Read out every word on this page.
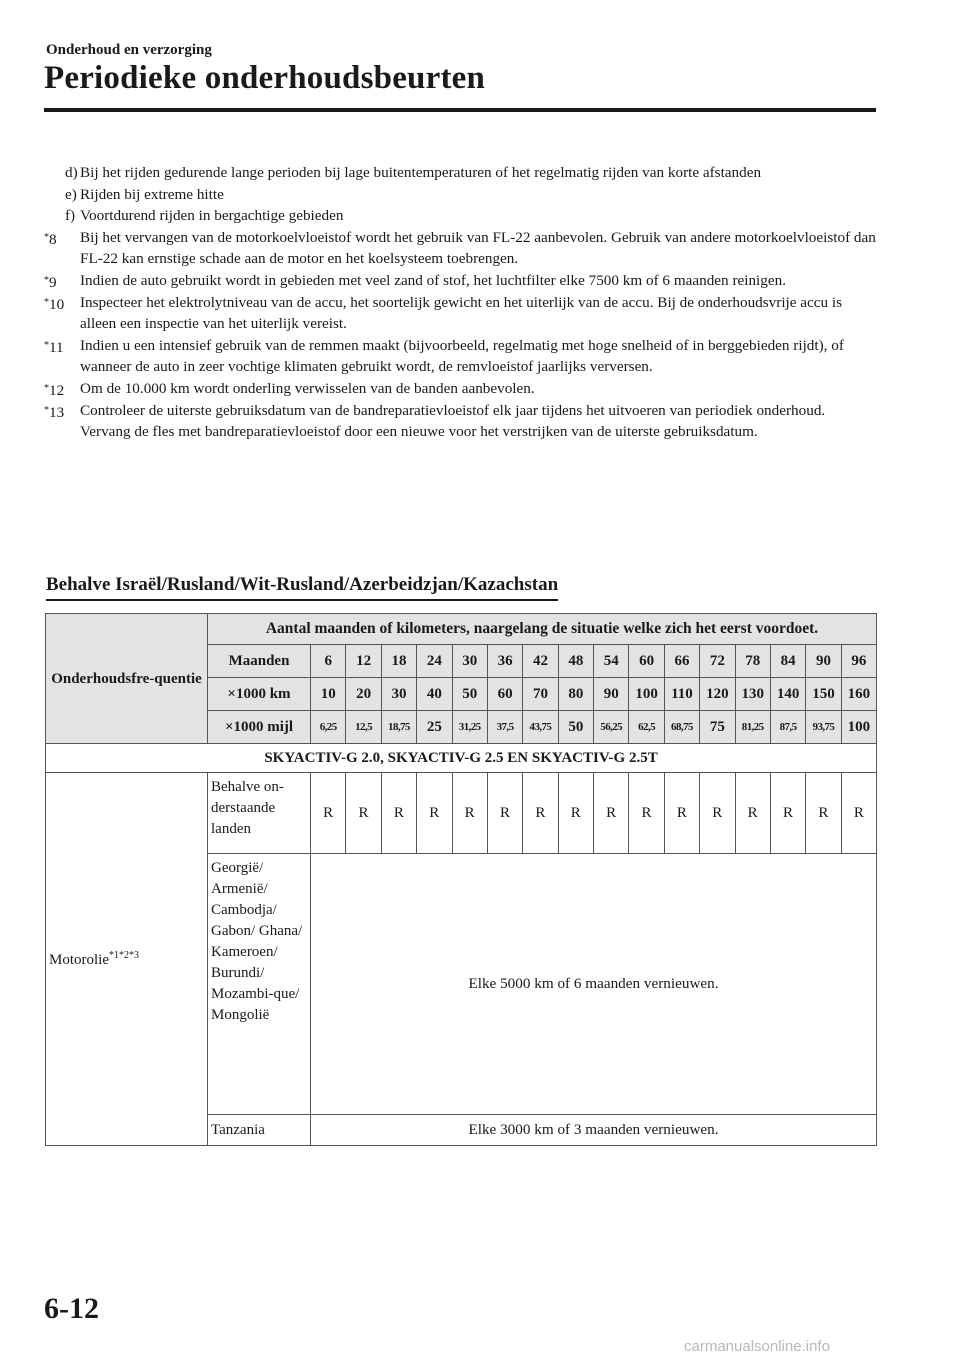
Onderhoud en verzorging
Periodieke onderhoudsbeurten
d) Bij het rijden gedurende lange perioden bij lage buitentemperaturen of het regelmatig rijden van korte afstanden
e) Rijden bij extreme hitte
f) Voortdurend rijden in bergachtige gebieden
*8 Bij het vervangen van de motorkoelvloeistof wordt het gebruik van FL-22 aanbevolen. Gebruik van andere motorkoelvloeistof dan FL-22 kan ernstige schade aan de motor en het koelsysteem toebrengen.
*9 Indien de auto gebruikt wordt in gebieden met veel zand of stof, het luchtfilter elke 7500 km of 6 maanden reinigen.
*10 Inspecteer het elektrolytniveau van de accu, het soortelijk gewicht en het uiterlijk van de accu. Bij de onderhoudsvrije accu is alleen een inspectie van het uiterlijk vereist.
*11 Indien u een intensief gebruik van de remmen maakt (bijvoorbeeld, regelmatig met hoge snelheid of in berggebieden rijdt), of wanneer de auto in zeer vochtige klimaten gebruikt wordt, de remvloeistof jaarlijks verversen.
*12 Om de 10.000 km wordt onderling verwisselen van de banden aanbevolen.
*13 Controleer de uiterste gebruiksdatum van de bandreparatievloeistof elk jaar tijdens het uitvoeren van periodiek onderhoud. Vervang de fles met bandreparatievloeistof door een nieuwe voor het verstrijken van de uiterste gebruiksdatum.
Behalve Israël/Rusland/Wit-Rusland/Azerbeidzjan/Kazachstan
Onderhoudsfre-quentie	Aantal maanden of kilometers, naargelang de situatie welke zich het eerst voordoet.																
	Maanden	6	12	18	24	30	36	42	48	54	60	66	72	78	84	90	96
	×1000 km	10	20	30	40	50	60	70	80	90	100	110	120	130	140	150	160
	×1000 mijl	6,25	12,5	18,75	25	31,25	37,5	43,75	50	56,25	62,5	68,75	75	81,25	87,5	93,75	100
SKYACTIV-G 2.0, SKYACTIV-G 2.5 EN SKYACTIV-G 2.5T																	
Motorolie$^{*1*2*3}$	Behalve on-derstaande landen	R	R	R	R	R	R	R	R	R	R	R	R	R	R	R	R
	Georgië/ Armenië/ Cambodja/ Gabon/ Ghana/ Kameroen/ Burundi/ Mozambi-que/ Mongolië	Elke 5000 km of 6 maanden vernieuwen.															
	Tanzania	Elke 3000 km of 3 maanden vernieuwen.															
6-12
carmanualsonline.info
